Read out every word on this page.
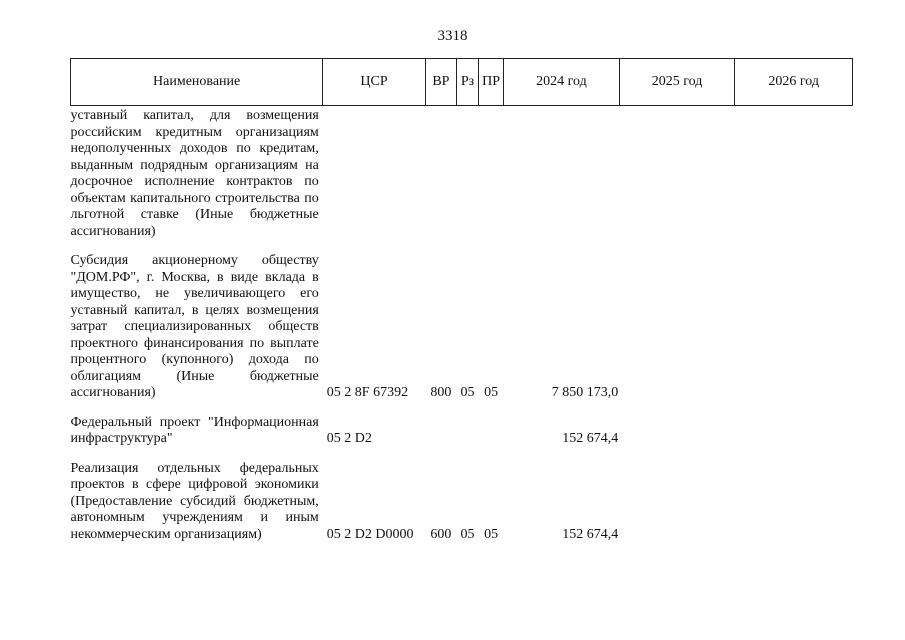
3318
Наименование	ЦСР	ВР	Рз	ПР	2024 год	2025 год	2026 год
уставный капитал, для возмещения российским кредитным организациям недополученных доходов по кредитам, выданным подрядным организациям на досрочное исполнение контрактов по объектам капитального строительства по льготной ставке (Иные бюджетные ассигнования)							
Субсидия акционерному обществу "ДОМ.РФ", г. Москва, в виде вклада в имущество, не увеличивающего его уставный капитал, в целях возмещения затрат специализированных обществ проектного финансирования по выплате процентного (купонного) дохода по облигациям (Иные бюджетные ассигнования)	05 2 8F 67392	800	05	05	7 850 173,0		
Федеральный проект "Информационная инфраструктура"	05 2 D2				152 674,4		
Реализация отдельных федеральных проектов в сфере цифровой экономики (Предоставление субсидий бюджетным, автономным учреждениям и иным некоммерческим организациям)	05 2 D2 D0000	600	05	05	152 674,4		
